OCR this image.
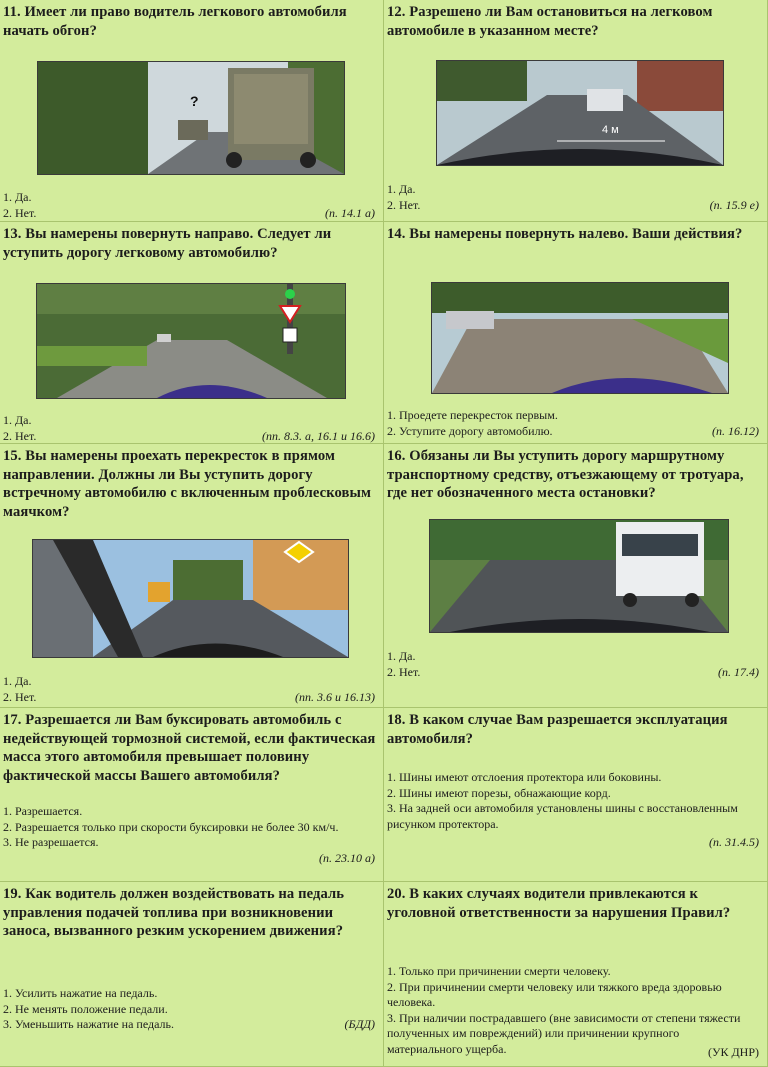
11. Имеет ли право водитель легкового автомобиля начать обгон?
?
1. Да.
2. Нет.	(п. 14.1 а)
12. Разрешено ли Вам остановиться на легковом автомобиле в указанном месте?
4 м
1. Да.
2. Нет.	(п. 15.9 е)
13. Вы намерены повернуть направо. Следует ли уступить дорогу легковому автомобилю?
1. Да.
2. Нет.	(пп. 8.3. а, 16.1 и 16.6)
14. Вы намерены повернуть налево. Ваши действия?
1. Проедете перекресток первым.
2. Уступите дорогу автомобилю.	(п. 16.12)
15. Вы намерены проехать перекресток в прямом направлении. Должны ли Вы уступить дорогу встречному автомобилю с включенным проблесковым маячком?
1. Да.
2. Нет.	(пп. 3.6 и 16.13)
16. Обязаны ли Вы уступить дорогу маршрутному транспортному средству, отъезжающему от тротуара, где нет обозначенного места остановки?
1. Да.
2. Нет.	(п. 17.4)
17. Разрешается ли Вам буксировать автомобиль с недействующей тормозной системой, если фактическая масса этого автомобиля превышает половину фактической массы Вашего автомобиля?
1. Разрешается.
2. Разрешается только при скорости буксировки не более 30 км/ч.
3. Не разрешается.
(п. 23.10 а)
18. В каком случае Вам разрешается эксплуатация автомобиля?
1. Шины имеют отслоения протектора или боковины.
2. Шины имеют порезы, обнажающие корд.
3. На задней оси автомобиля установлены шины с восстановленным рисунком протектора.
(п. 31.4.5)
19. Как водитель должен воздействовать на педаль управления подачей топлива при возникновении заноса, вызванного резким ускорением движения?
1. Усилить нажатие на педаль.
2. Не менять положение педали.
3. Уменьшить нажатие на педаль.	(БДД)
20. В каких случаях водители привлекаются к уголовной ответственности за нарушения Правил?
1. Только при причинении смерти человеку.
2. При причинении смерти человеку или тяжкого вреда здоровью человека.
3. При наличии пострадавшего (вне зависимости от степени тяжести полученных им повреждений) или причинении крупного материального ущерба.	(УК ДНР)
